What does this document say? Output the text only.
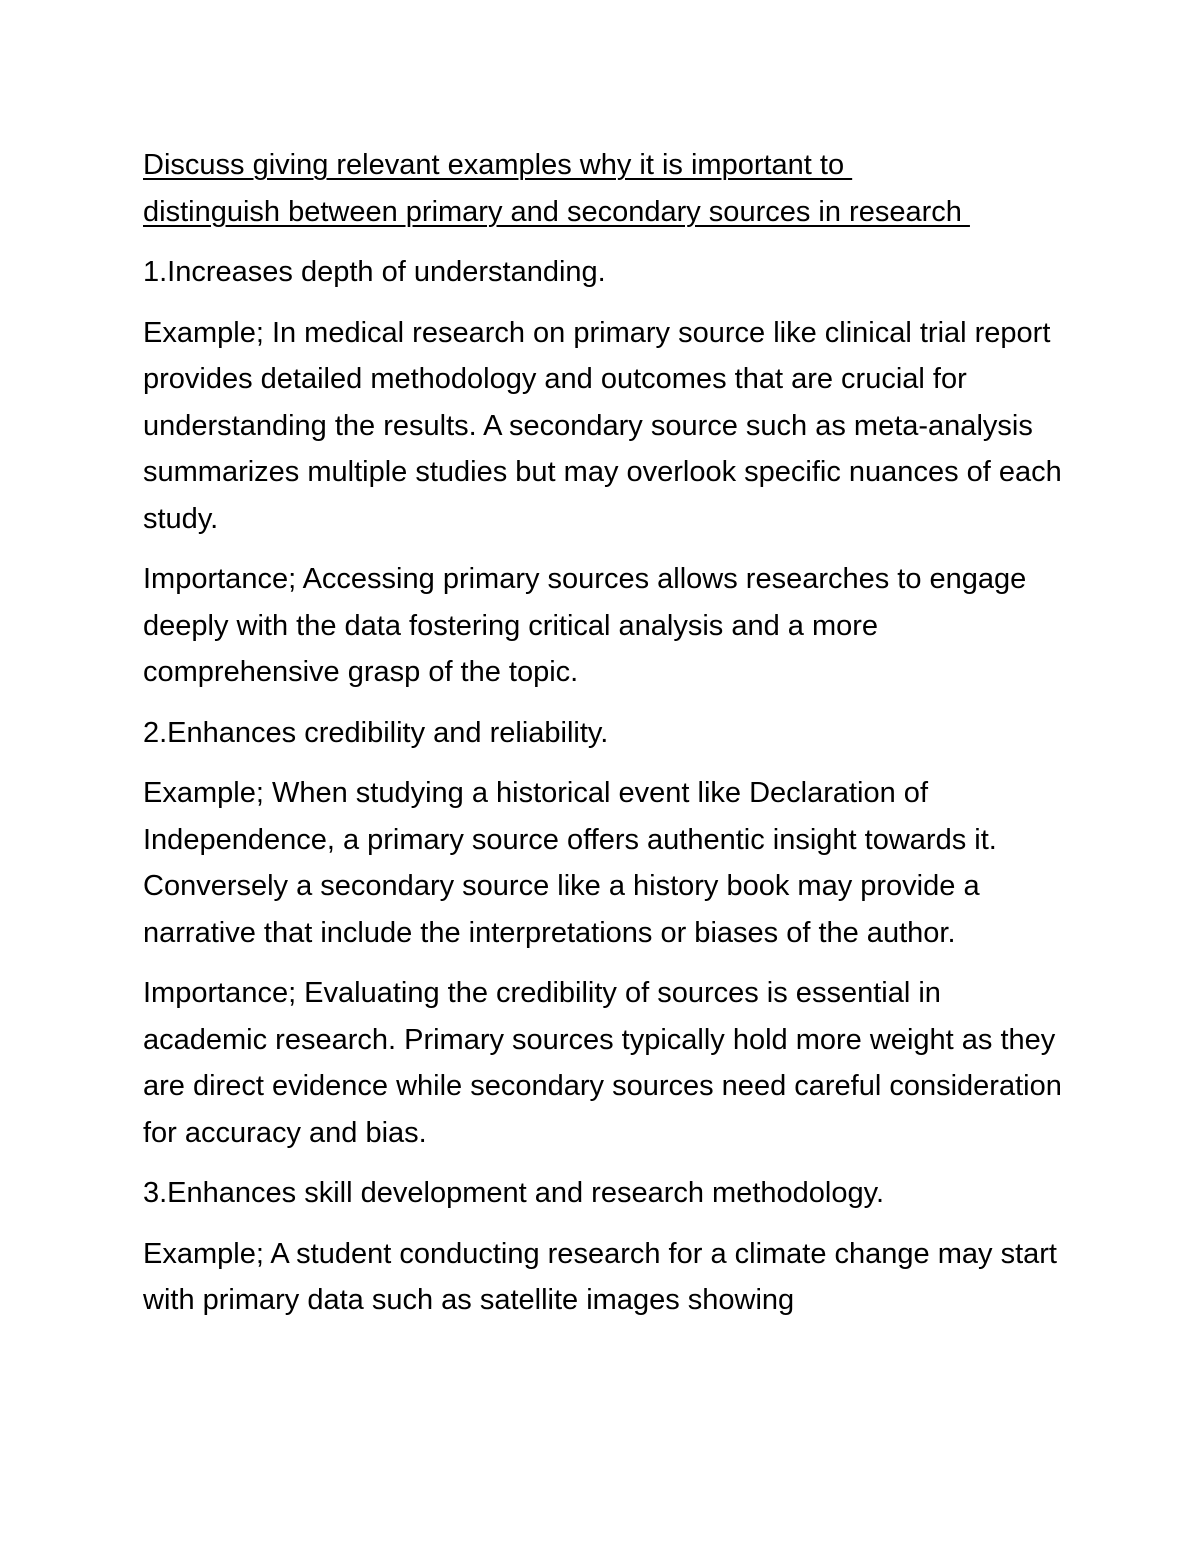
Discuss giving relevant examples why it is important to
distinguish between primary and secondary sources in research

1.Increases depth of understanding.

Example; In medical research on primary source like clinical trial report provides detailed methodology and outcomes that are crucial for understanding the results. A secondary source such as meta-analysis summarizes multiple studies but may overlook specific nuances of each study.

Importance; Accessing primary sources allows researches to engage deeply with the data fostering critical analysis and a more comprehensive grasp of the topic.

2.Enhances credibility and reliability.

Example; When studying a historical event like Declaration of Independence, a primary source offers authentic insight towards it. Conversely a secondary source like a history book may provide a narrative that include the interpretations or biases of the author.

Importance; Evaluating the credibility of sources is essential in academic research. Primary sources typically hold more weight as they are direct evidence while secondary sources need careful consideration for accuracy and bias.

3.Enhances skill development and research methodology.

Example; A student conducting research for a climate change may start with primary data such as satellite images showing
